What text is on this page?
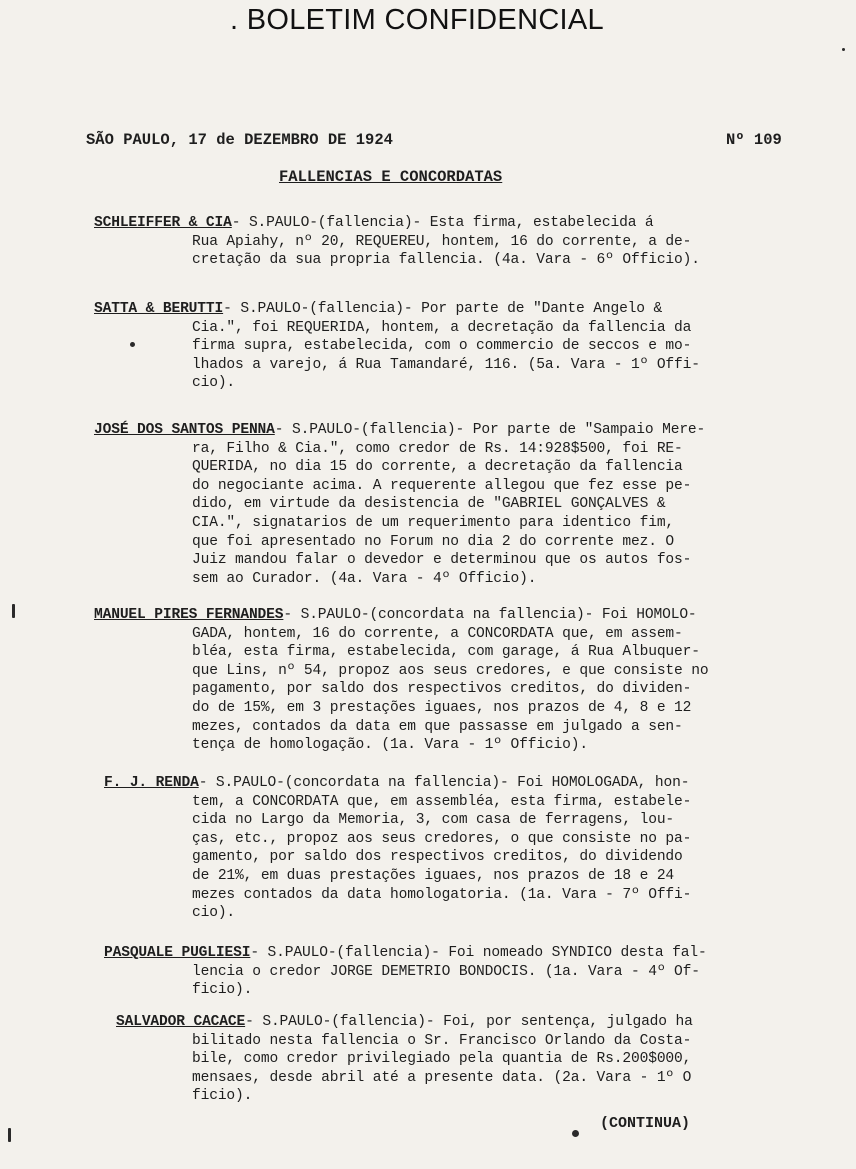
. BOLETIM CONFIDENCIAL
SÃO PAULO, 17 de DEZEMBRO DE 1924	Nº 109
FALLENCIAS E CONCORDATAS

SCHLEIFFER & CIA- S.PAULO-(fallencia)- Esta firma, estabelecida á

Rua Apiahy, nº 20, REQUEREU, hontem, 16 do corrente, a de-

cretação da sua propria fallencia. (4a. Vara - 6º Officio).

SATTA & BERUTTI- S.PAULO-(fallencia)- Por parte de "Dante Angelo &

Cia.", foi REQUERIDA, hontem, a decretação da fallencia da

firma supra, estabelecida, com o commercio de seccos e mo-

lhados a varejo, á Rua Tamandaré, 116. (5a. Vara - 1º Offi-

cio).

JOSÉ DOS SANTOS PENNA- S.PAULO-(fallencia)- Por parte de "Sampaio Mere-

ra, Filho & Cia.", como credor de Rs. 14:928$500, foi RE-

QUERIDA, no dia 15 do corrente, a decretação da fallencia

do negociante acima. A requerente allegou que fez esse pe-

dido, em virtude da desistencia de "GABRIEL GONÇALVES &

CIA.", signatarios de um requerimento para identico fim,

que foi apresentado no Forum no dia 2 do corrente mez. O

Juiz mandou falar o devedor e determinou que os autos fos-

sem ao Curador. (4a. Vara - 4º Officio).

MANUEL PIRES FERNANDES- S.PAULO-(concordata na fallencia)- Foi HOMOLO-

GADA, hontem, 16 do corrente, a CONCORDATA que, em assem-

bléa, esta firma, estabelecida, com garage, á Rua Albuquer-

que Lins, nº 54, propoz aos seus credores, e que consiste no

pagamento, por saldo dos respectivos creditos, do dividen-

do de 15%, em 3 prestações iguaes, nos prazos de 4, 8 e 12

mezes, contados da data em que passasse em julgado a sen-

tença de homologação. (1a. Vara - 1º Officio).

F. J. RENDA- S.PAULO-(concordata na fallencia)- Foi HOMOLOGADA, hon-

tem, a CONCORDATA que, em assembléa, esta firma, estabele-

cida no Largo da Memoria, 3, com casa de ferragens, lou-

ças, etc., propoz aos seus credores, o que consiste no pa-

gamento, por saldo dos respectivos creditos, do dividendo

de 21%, em duas prestações iguaes, nos prazos de 18 e 24

mezes contados da data homologatoria. (1a. Vara - 7º Offi-

cio).

PASQUALE PUGLIESI- S.PAULO-(fallencia)- Foi nomeado SYNDICO desta fal-

lencia o credor JORGE DEMETRIO BONDOCIS. (1a. Vara - 4º Of-

ficio).

SALVADOR CACACE- S.PAULO-(fallencia)- Foi, por sentença, julgado ha

bilitado nesta fallencia o Sr. Francisco Orlando da Costa-

bile, como credor privilegiado pela quantia de Rs.200$000,

mensaes, desde abril até a presente data. (2a. Vara - 1º O

ficio).

(CONTINUA)
